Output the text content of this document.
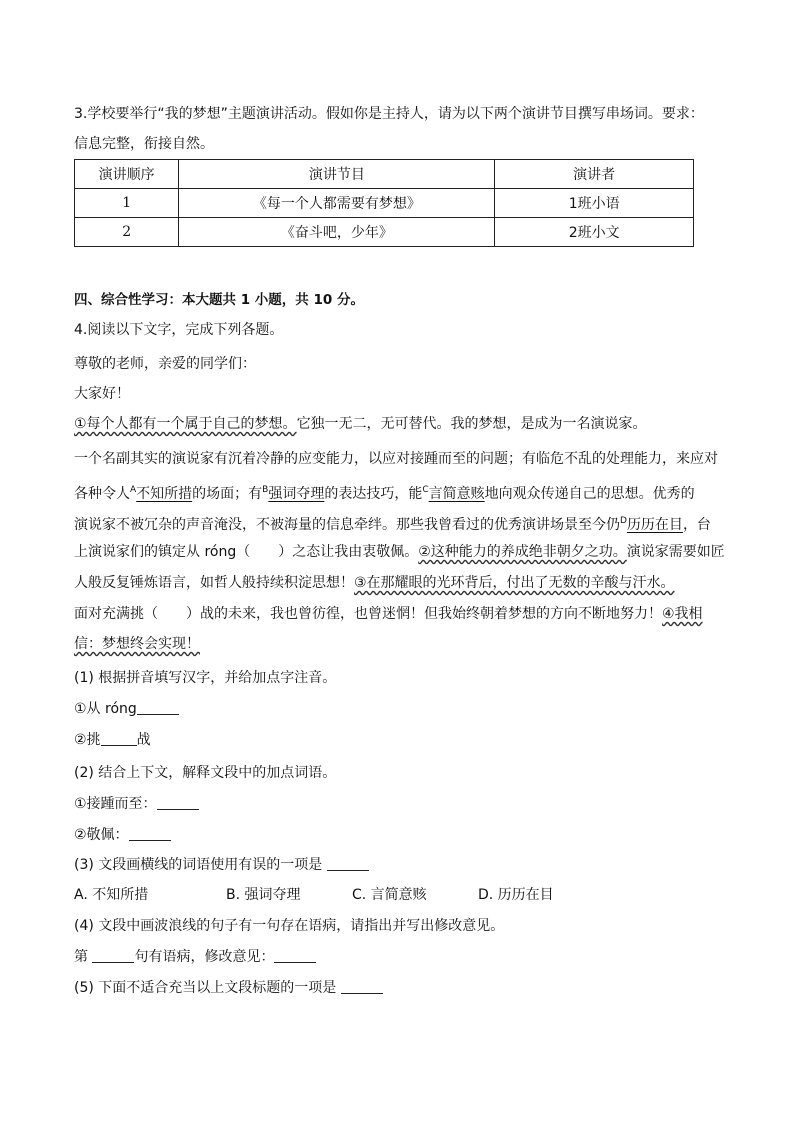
3.学校要举行“我的梦想”主题演讲活动。假如你是主持人，请为以下两个演讲节目撰写串场词。要求：
信息完整，衔接自然。
演讲顺序	演讲节目	演讲者
1	《每一个人都需要有梦想》	1班小语
2	《奋斗吧，少年》	2班小文
四、综合性学习：本大题共 1 小题，共 10 分。
4.阅读以下文字，完成下列各题。
尊敬的老师，亲爱的同学们：
大家好！
①每个人都有一个属于自己的梦想。它独一无二，无可替代。我的梦想，是成为一名演说家。
一个名副其实的演说家有沉着冷静的应变能力，以应对接踵而至的问题；有临危不乱的处理能力，来应对
各种令人$^A$不知所措的场面；有$^B$强词夺理的表达技巧，能$^C$言简意赅地向观众传递自己的思想。优秀的
演说家不被冗杂的声音淹没，不被海量的信息牵绊。那些我曾看过的优秀演讲场景至今仍$^D$历历在目，台
上演说家们的镇定从 róng（　　）之态让我由衷敬佩。②这种能力的养成绝非朝夕之功。演说家需要如匠
人般反复锤炼语言，如哲人般持续积淀思想！③在那耀眼的光环背后，付出了无数的辛酸与汗水。
面对充满挑（　　）战的未来，我也曾彷徨，也曾迷惘！但我始终朝着梦想的方向不断地努力！④我相
信：梦想终会实现！
(1) 根据拼音填写汉字，并给加点字注音。
①从 róng
②挑	战
(2) 结合上下文，解释文段中的加点词语。
①接踵而至：
②敬佩：
(3) 文段画横线的词语使用有误的一项是
A. 不知所措	B. 强词夺理	C. 言简意赅	D. 历历在目
(4) 文段中画波浪线的句子有一句存在语病，请指出并写出修改意见。
第	句有语病，修改意见：
(5) 下面不适合充当以上文段标题的一项是
